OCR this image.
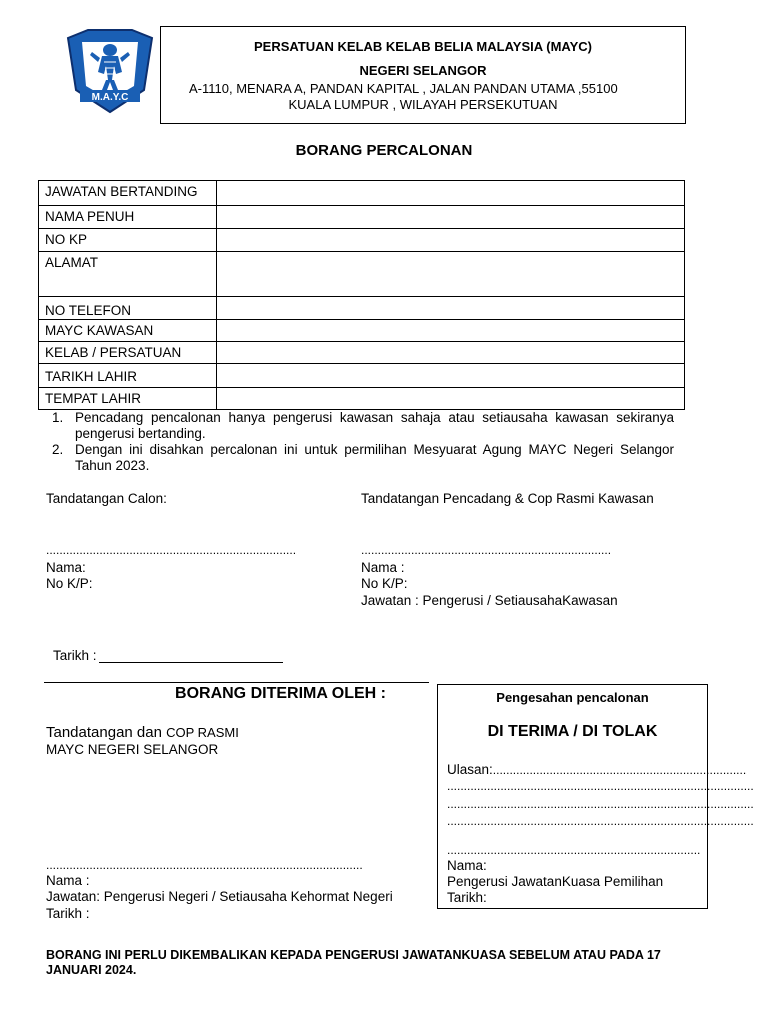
M.A.Y.C
PERSATUAN KELAB KELAB BELIA MALAYSIA (MAYC)
NEGERI SELANGOR
A-1110, MENARA A, PANDAN KAPITAL , JALAN PANDAN UTAMA ,55100
KUALA LUMPUR , WILAYAH PERSEKUTUAN
BORANG PERCALONAN
JAWATAN BERTANDING	
NAMA PENUH	
NO KP	
ALAMAT	
NO TELEFON	
MAYC KAWASAN	
KELAB / PERSATUAN	
TARIKH LAHIR	
TEMPAT LAHIR	
1. Pencadang pencalonan hanya pengerusi kawasan sahaja atau setiausaha kawasan sekiranya pengerusi bertanding.
2. Dengan ini disahkan percalonan ini untuk permilihan Mesyuarat Agung MAYC Negeri Selangor Tahun 2023.
Tandatangan Calon:	Tandatangan Pencadang & Cop Rasmi Kawasan
...........................................................................	...........................................................................
Nama:
No K/P:
Nama :
No K/P:
Jawatan : Pengerusi / SetiausahaKawasan
Tarikh :
BORANG DITERIMA OLEH :
Tandatangan dan COP RASMI
MAYC NEGERI SELANGOR
...............................................................................................
Nama :
Jawatan: Pengerusi Negeri / Setiausaha Kehormat Negeri
Tarikh :
Pengesahan pencalonan
DI TERIMA / DI TOLAK
Ulasan:............................................................................
............................................................................................
............................................................................................
............................................................................................
............................................................................
Nama:
Pengerusi JawatanKuasa Pemilihan
Tarikh:
BORANG INI PERLU DIKEMBALIKAN KEPADA PENGERUSI JAWATANKUASA SEBELUM ATAU PADA 17 JANUARI 2024.
